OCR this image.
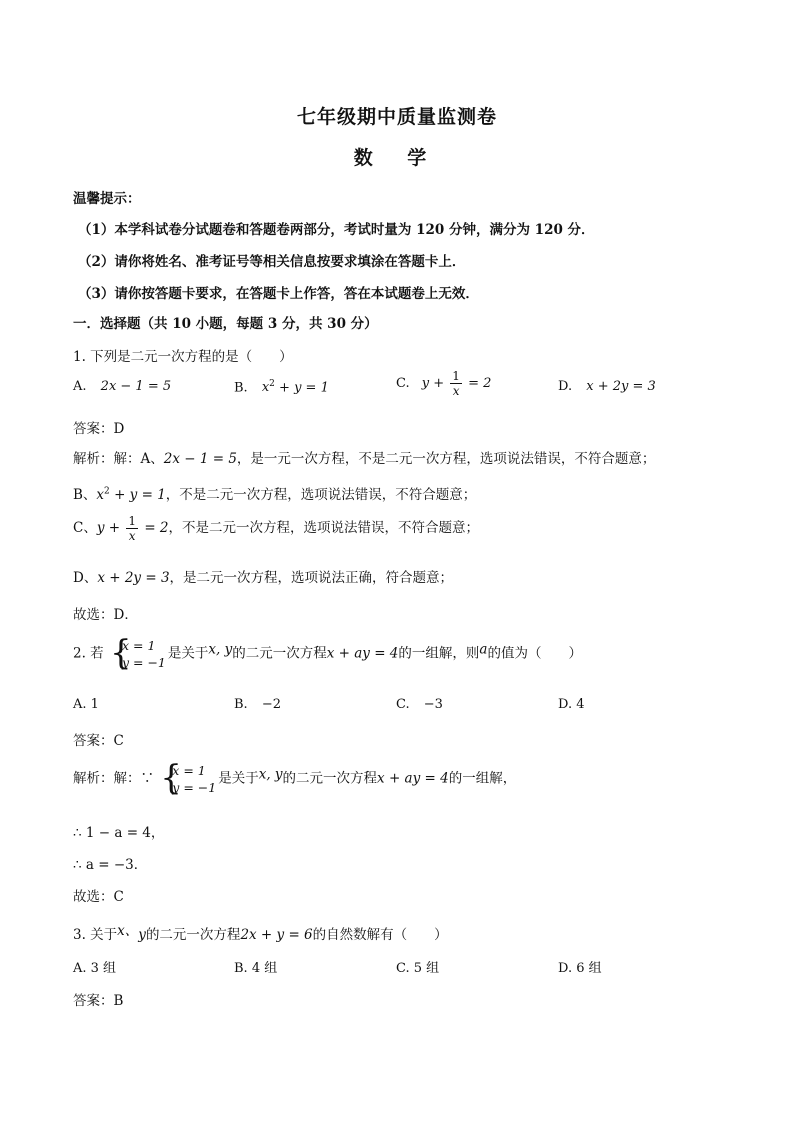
七年级期中质量监测卷
数 学
温馨提示：
（1）本学科试卷分试题卷和答题卷两部分，考试时量为 120 分钟，满分为 120 分．
（2）请你将姓名、准考证号等相关信息按要求填涂在答题卡上．
（3）请你按答题卡要求，在答题卡上作答，答在本试题卷上无效．
一．选择题（共 10 小题，每题 3 分，共 30 分）
1. 下列是二元一次方程的是（　　）
A. 2x − 1 = 5	B. $x^2 + y = 1$	C. $y + \frac{1}{x} = 2$	D. x + 2y = 3
答案：D
解析：解：A、2x − 1 = 5，是一元一次方程，不是二元一次方程，选项说法错误，不符合题意；
B、$x^2 + y = 1$，不是二元一次方程，选项说法错误，不符合题意；
C、$y + \frac{1}{x} = 2$，不是二元一次方程，选项说法错误，不符合题意；
D、x + 2y = 3，是二元一次方程，选项说法正确，符合题意；
故选：D．
2. 若 {
x = 1
y = −1
是关于x, y的二元一次方程x + ay = 4的一组解，则a的值为（　　）
A. 1	B. −2	C. −3	D. 4
答案：C
解析：解：∵ {
x = 1
y = −1
是关于x, y的二元一次方程x + ay = 4的一组解，
∴ 1 − a = 4，
∴ a = −3．
故选：C
3. 关于x、y的二元一次方程2x + y = 6的自然数解有（　　）
A. 3 组	B. 4 组	C. 5 组	D. 6 组
答案：B
